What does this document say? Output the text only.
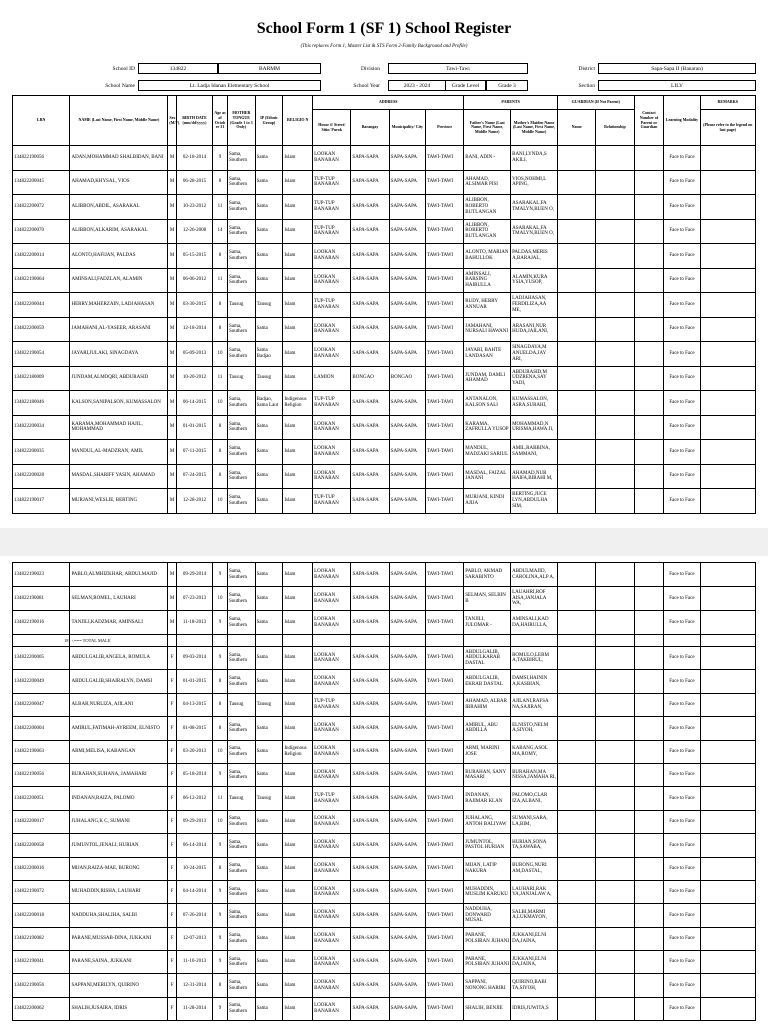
School Form 1 (SF 1) School Register
(This replaces Form 1, Master List & STS Form 2-Family Background and Profile)
School ID	134822	BARMM	Division	Tawi-Tawi	District	Sapa-Sapa II (Banaran)
School Name	Lt. Ladja Idanan Elementary School	School Year	2023 - 2024	Grade Level	Grade 3	Section	LILY
LRN	NAME (Last Name, First Name, Middle Name)	Sex (M/F)	BIRTH DATE (mm/dd/yyyy)	Age as of Octob er 31	MOTHER TONGUE (Grade 1 to 3 Only)	IP (Ethnic Group)	RELIGIO N	ADDRESS				PARENTS		GUARDIAN (If Not Parent)		Contact Number of Parent or Guardian	Learning Modality	REMARKS
								House #/ Street/ Sitio/ Purok	Barangay	Municipality/ City	Province	Father's Name (Last Name, First Name, Middle Name)	Mother's Maiden Name (Last Name, First Name, Middle Name)	Name	Relationship			(Please refer to the legend on last page)
134822190056	ADAN,MOHAMMAD SHALBIDAN, BANI	M	02-18-2014	9	Sama, Southern	Sama	Islam	LOOKAN BANARAN	SAPA-SAPA	SAPA-SAPA	TAWI-TAWI	BANI, ADIN -	BANI,LYNDA,S AKILI,				Face to Face	
134822200045	AHAMAD,KHYSAL, VIOS	M	06-28-2015	8	Sama, Southern	Sama	Islam	TUP-TUP BANARAN	SAPA-SAPA	SAPA-SAPA	TAWI-TAWI	AHAMAD, ALSIMAR PISI	VIOS,NOHMI,L APING,				Face to Face	
134822200072	ALIBBON,ABDIL, ASARAKAL	M	10-23-2012	11	Sama, Southern	Sama	Islam	TUP-TUP BANARAN	SAPA-SAPA	SAPA-SAPA	TAWI-TAWI	ALIBBON, ROBERTO BUTLANGAN	ASARAKAL,FA TMALYN,BUEN O,				Face to Face	
134822200070	ALIBBON,ALKARIM, ASARAKAL	M	12-26-2008	14	Sama, Southern	Sama	Islam	TUP-TUP BANARAN	SAPA-SAPA	SAPA-SAPA	TAWI-TAWI	ALIBBON, ROBERTO BUTLANGAN	ASARAKAL,FA TMALYN,BUEN O,				Face to Face	
134822200014	ALONTO,HAFIJAN, PALDAS	M	05-15-2015	8	Sama, Southern	Sama	Islam	LOOKAN BANARAN	SAPA-SAPA	SAPA-SAPA	TAWI-TAWI	ALONTO, MARIAN BAHULLOK	PALDAS,MERIS A,BARAJAL,				Face to Face	
134822190064	AMINSALI,FADZLAN, ALAMIN	M	06-06-2012	11	Sama, Southern	Sama	Islam	LOOKAN BANARAN	SAPA-SAPA	SAPA-SAPA	TAWI-TAWI	AMINSALI, BARSING HAIRULLA	ALAMIN,KURA YSIA,YUSOP,				Face to Face	
134822200044	HERRY,MAHERZAIN, LADJAHASAN	M	03-30-2015	8	Tausug	Tausug	Islam	TUP-TUP BANARAN	SAPA-SAPA	SAPA-SAPA	TAWI-TAWI	RUDY, HERRY ANNUAR	LADJAHASAN, FERDILIZA,AA ME,				Face to Face	
134822200059	JAMAHANI,AL-YASEER, ARASANI	M	12-18-2014	8	Sama, Southern	Sama	Islam	LOOKAN BANARAN	SAPA-SAPA	SAPA-SAPA	TAWI-TAWI	JAMAHANI, NURSALI HAWANI	ARASANI,NUR HUDA,JAILANI,				Face to Face	
134822190054	JAYARI,JULAKI, SINAGDAYA	M	05-09-2013	10	Sama, Southern	Sama Badjao	Islam	LOOKAN BANARAN	SAPA-SAPA	SAPA-SAPA	TAWI-TAWI	JAYARI, BAHTE LANDASAN	SINAGDAYA,M ANUELDA,JAY ARI,				Face to Face	
134822180009	JUNDAM,ALMOQRI, ABDURASID	M	10-20-2012	11	Tausug	Tausug	Islam	LAMION	BONGAO	BONGAO	TAWI-TAWI	JUNDAM, DAMLI AHAMAD	ABDURASID,M UDZRENA,SAY YADI,				Face to Face	
134822180046	KALSON,SANIPALSON, KUMASSALON	M	06-14-2015	10	Sama, Southern	Badjao, Sama Laut	Indigenous Religion	TUP-TUP BANARAN	SAPA-SAPA	SAPA-SAPA	TAWI-TAWI	ANTANALON, KALSON SALI	KUMASSALON, ASRA,SURAHI,				Face to Face	
134822200034	KARAMA,MOHAMMAD HAJIL, MOHAMMAD	M	01-01-2015	8	Sama, Southern	Sama	Islam	LOOKAN BANARAN	SAPA-SAPA	SAPA-SAPA	TAWI-TAWI	KARAMA, ZAFRULLA YUSOP	MOHAMMAD,N URISMA,HAWA JI,				Face to Face	
134822200035	MANDUL,AL-MADZRAN, AMIL	M	07-11-2015	8	Sama, Southern	Sama	Islam	LOOKAN BANARAN	SAPA-SAPA	SAPA-SAPA	TAWI-TAWI	MANDUL, MADZAKI SARIUL	AMIL,RABBINA, SAMMANI,				Face to Face	
134822200028	MASDAL,SHARIFF YASIN, AHAMAD	M	07-24-2015	8	Sama, Southern	Sama	Islam	LOOKAN BANARAN	SAPA-SAPA	SAPA-SAPA	TAWI-TAWI	MASDAL, FAIZAL JANANI	AHAMAD,NUR HAIFA,BIRAHI M,				Face to Face	
134822190017	MURJANI,WESLIE, BERTING	M	12-28-2012	10	Sama, Southern	Sama	Islam	TUP-TUP BANARAN	SAPA-SAPA	SAPA-SAPA	TAWI-TAWI	MURJANI, KINDI AJIJA	BERTING,JUCE LYN,ABDULHA SIM,				Face to Face	
134822190023	PABLO,ALMHIZKHAR, ABDULMAJID	M	09-29-2014	9	Sama, Southern	Sama	Islam	LOOKAN BANARAN	SAPA-SAPA	SAPA-SAPA	TAWI-TAWI	PABLO, AKMAD SARABINTO	ABDULMAJID, CAROLINA,ALP A,				Face to Face	
134822190081	SELMAN,ROMEL, LAUHARI	M	07-23-2013	10	Sama, Southern	Sama	Islam	LOOKAN BANARAN	SAPA-SAPA	SAPA-SAPA	TAWI-TAWI	SELMAN, SELBIN B	LAUAHRI,ROF AISA,JANJALA WA,				Face to Face	
134822190016	TANJILI,KADZMAR, AMINSALI	M	11-18-2013	9	Sama, Southern	Sama	Islam	LOOKAN BANARAN	SAPA-SAPA	SAPA-SAPA	TAWI-TAWI	TANJILI, JULOMAR -	AMINSALI,KAD DA,HAIRULLA,				Face to Face	
18	<=== TOTAL MALE																	
134822200005	ABDULGALIB,ANGELA, ROMULA	F	09-03-2014	9	Sama, Southern	Sama	Islam	LOOKAN BANARAN	SAPA-SAPA	SAPA-SAPA	TAWI-TAWI	ABDULGALIB, ABDULKARAB DASTAL	ROMULO,LERM A,TAKBIRUL,				Face to Face	
134822200049	ABDULGALIB,SHAIRALYN, DAMSI	F	01-01-2015	8	Sama, Southern	Sama	Islam	LOOKAN BANARAN	SAPA-SAPA	SAPA-SAPA	TAWI-TAWI	ABDULGALIB, EKRAB DASTAL	DAMSI,HAININ A,KASBIAN,				Face to Face	
134822200047	ALBAR,NURLIZA, AJILANI	F	04-13-2015	8	Tausug	Tausug	Islam	TUP-TUP BANARAN	SAPA-SAPA	SAPA-SAPA	TAWI-TAWI	AHAMAD, ALBAR IBRAHIM	AJILANI,RAFSA NA,SAJIRAN,				Face to Face	
134822200004	AMIRUL,FATIMAH-AYREEM, ELNISTO	F	01-08-2015	8	Sama, Southern	Sama	Islam	LOOKAN BANARAN	SAPA-SAPA	SAPA-SAPA	TAWI-TAWI	AMIRUL, ABU ABDILLA	ELNISTO,NELM A,SIYOH,				Face to Face	
134822190063	ARMI,MELISA, KABANGAN	F	03-20-2013	10	Sama, Southern	Sama	Indigenous Religion	LOOKAN BANARAN	SAPA-SAPA	SAPA-SAPA	TAWI-TAWI	ARMI, MARINI JOSE	KABANG,ASOL MA,ROMY,				Face to Face	
134822190056	BURAHAN,SUHANA, JAMAHARI	F	05-18-2014	9	Sama, Southern	Sama	Islam	LOOKAN BANARAN	SAPA-SAPA	SAPA-SAPA	TAWI-TAWI	BURAHAN, SANY MASARI	BURAHAN,MA NISSA,JAMAHA RI,				Face to Face	
134822200051	INDANAN,RAIZA, PALOMO	F	06-12-2012	11	Tausug	Tausug	Islam	TUP-TUP BANARAN	SAPA-SAPA	SAPA-SAPA	TAWI-TAWI	INDANAN, RAJIMAR KLAN	PALOMO,CLAR IZA,ALBANI,				Face to Face	
134822200017	JUHALANG,K C, SUMANI	F	09-29-2013	10	Sama, Southern	Sama	Islam	LOOKAN BANARAN	SAPA-SAPA	SAPA-SAPA	TAWI-TAWI	JUHALANG, ANTOH BALIYAW	SUMANI,SARA, LA,BIM,				Face to Face	
134822200058	JUMUNTOL,JENALI, HURIAN	F	06-14-2014	9	Sama, Southern	Sama	Islam	LOOKAN BANARAN	SAPA-SAPA	SAPA-SAPA	TAWI-TAWI	JUMUNTOL, PASTOL HURIAN	HURIAN,SONA TA,SAWABA,				Face to Face	
134822200016	MIJAN,RAIZA-MAE, BURONG	F	10-24-2015	8	Sama, Southern	Sama	Islam	LOOKAN BANARAN	SAPA-SAPA	SAPA-SAPA	TAWI-TAWI	MIJAN, LATIP NAKURA	BURONG,NURI AM,DASTAL,				Face to Face	
134822190072	MUHADDIN,RISHA, LAUHARI	F	04-14-2014	9	Sama, Southern	Sama	Islam	LOOKAN BANARAN	SAPA-SAPA	SAPA-SAPA	TAWI-TAWI	MUHADDIN, MUSLIM KARUKU	LAUHARI,RAK YA,JANJALAW A,				Face to Face	
134822200018	NADDUHA,SHALIHA, SALBI	F	07-26-2014	9	Sama, Southern	Sama	Islam	LOOKAN BANARAN	SAPA-SAPA	SAPA-SAPA	TAWI-TAWI	NADDUHA, DONWARD MUSAL	SALBI,MARMI A,LUKMAYON,				Face to Face	
134822190082	PARANE,MUSSAB-DINA, JUKKANI	F	12-07-2013	9	Sama, Southern	Sama	Islam	LOOKAN BANARAN	SAPA-SAPA	SAPA-SAPA	TAWI-TAWI	PARANE, POLSIBAN JUHANI	JUKKANI,ELNI DA,JAINA,				Face to Face	
134822190041	PARANE,SAINA, JUKKANI	F	11-10-2013	9	Sama, Southern	Sama	Islam	LOOKAN BANARAN	SAPA-SAPA	SAPA-SAPA	TAWI-TAWI	PARANE, POLSIBAN JUHANI	JUKKANI,ELNI DA,JAINA,				Face to Face	
134822190056	SAPPANI,MERILYN, QUIRINO	F	12-31-2014	8	Sama, Southern	Sama	Islam	LOOKAN BANARAN	SAPA-SAPA	SAPA-SAPA	TAWI-TAWI	SAPPANI, NONONG HARIRI	QUIRINO,BABI TA,SIYOH,				Face to Face	
134822200062	SHALIH,JUSAIRA, IDRIS	F	11-28-2014	9	Sama, Southern	Sama	Islam	LOOKAN BANARAN	SAPA-SAPA	SAPA-SAPA	TAWI-TAWI	SHALIH, BENJIE	IDRIS,JUWITA,S				Face to Face	
